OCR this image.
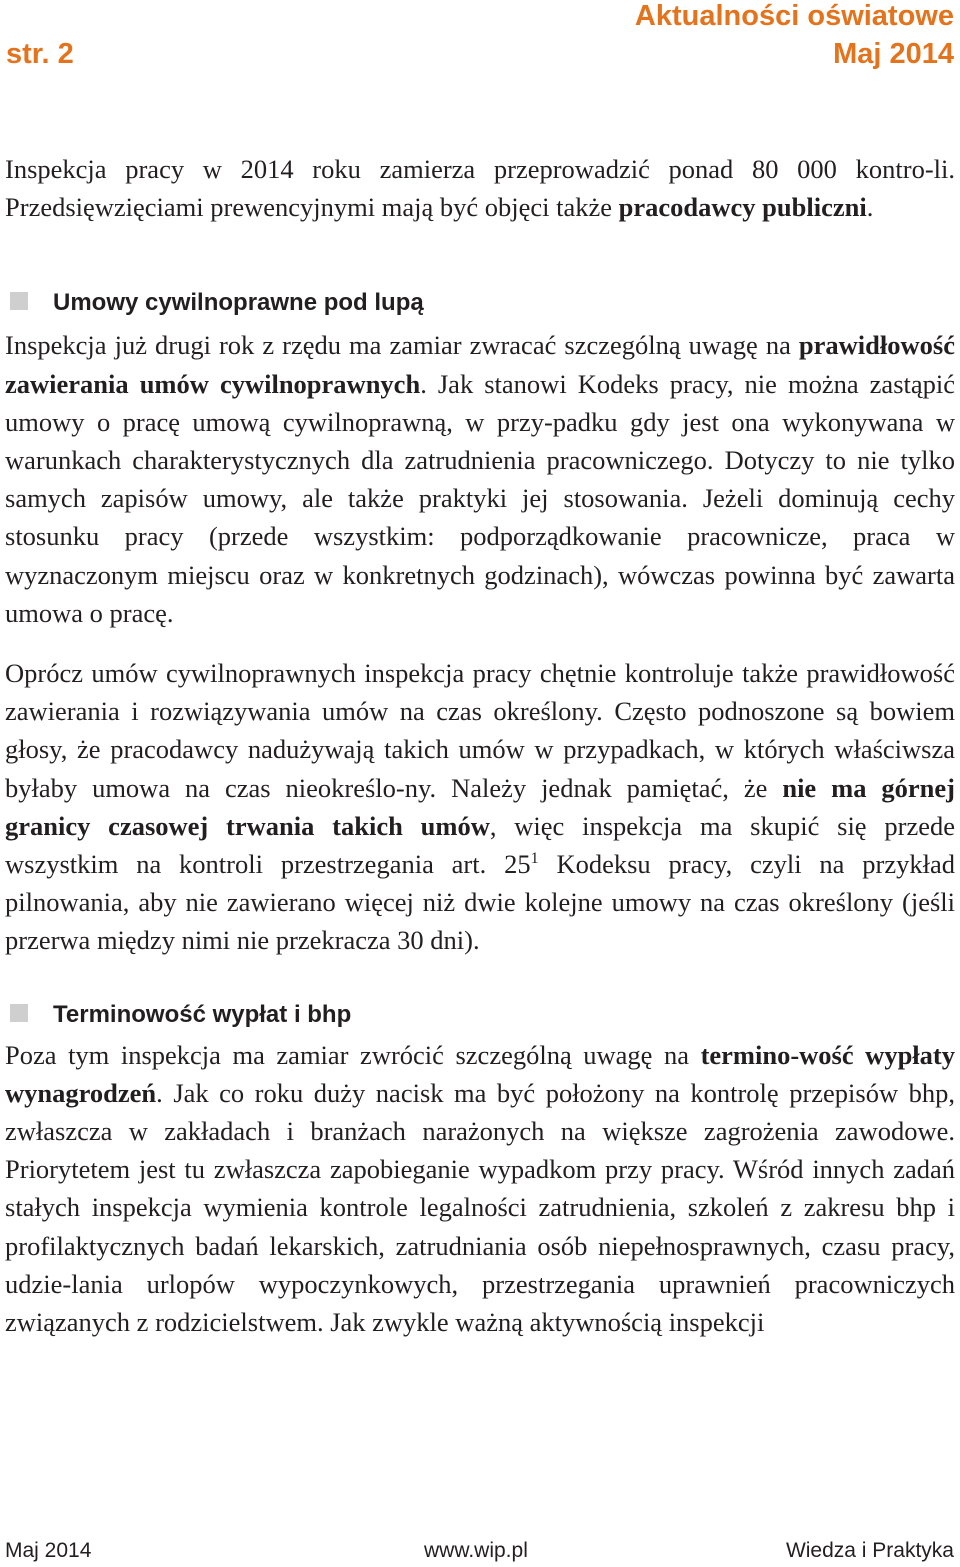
str. 2
Aktualności oświatowe
Maj 2014

Inspekcja pracy w 2014 roku zamierza przeprowadzić ponad 80 000 kontro-li. Przedsięwzięciami prewencyjnymi mają być objęci także pracodawcy publiczni.

Umowy cywilnoprawne pod lupą

Inspekcja już drugi rok z rzędu ma zamiar zwracać szczególną uwagę na prawidłowość zawierania umów cywilnoprawnych. Jak stanowi Kodeks pracy, nie można zastąpić umowy o pracę umową cywilnoprawną, w przy-padku gdy jest ona wykonywana w warunkach charakterystycznych dla zatrudnienia pracowniczego. Dotyczy to nie tylko samych zapisów umowy, ale także praktyki jej stosowania. Jeżeli dominują cechy stosunku pracy (przede wszystkim: podporządkowanie pracownicze, praca w wyznaczonym miejscu oraz w konkretnych godzinach), wówczas powinna być zawarta umowa o pracę.

Oprócz umów cywilnoprawnych inspekcja pracy chętnie kontroluje także prawidłowość zawierania i rozwiązywania umów na czas określony. Często podnoszone są bowiem głosy, że pracodawcy nadużywają takich umów w przypadkach, w których właściwsza byłaby umowa na czas nieokreślo-ny. Należy jednak pamiętać, że nie ma górnej granicy czasowej trwania takich umów, więc inspekcja ma skupić się przede wszystkim na kontroli przestrzegania art. $25^1$ Kodeksu pracy, czyli na przykład pilnowania, aby nie zawierano więcej niż dwie kolejne umowy na czas określony (jeśli przerwa między nimi nie przekracza 30 dni).

Terminowość wypłat i bhp

Poza tym inspekcja ma zamiar zwrócić szczególną uwagę na termino-wość wypłaty wynagrodzeń. Jak co roku duży nacisk ma być położony na kontrolę przepisów bhp, zwłaszcza w zakładach i branżach narażonych na większe zagrożenia zawodowe. Priorytetem jest tu zwłaszcza zapobieganie wypadkom przy pracy. Wśród innych zadań stałych inspekcja wymienia kontrole legalności zatrudnienia, szkoleń z zakresu bhp i profilaktycznych badań lekarskich, zatrudniania osób niepełnosprawnych, czasu pracy, udzie-lania urlopów wypoczynkowych, przestrzegania uprawnień pracowniczych związanych z rodzicielstwem. Jak zwykle ważną aktywnością inspekcji

Maj 2014	www.wip.pl	Wiedza i Praktyka
